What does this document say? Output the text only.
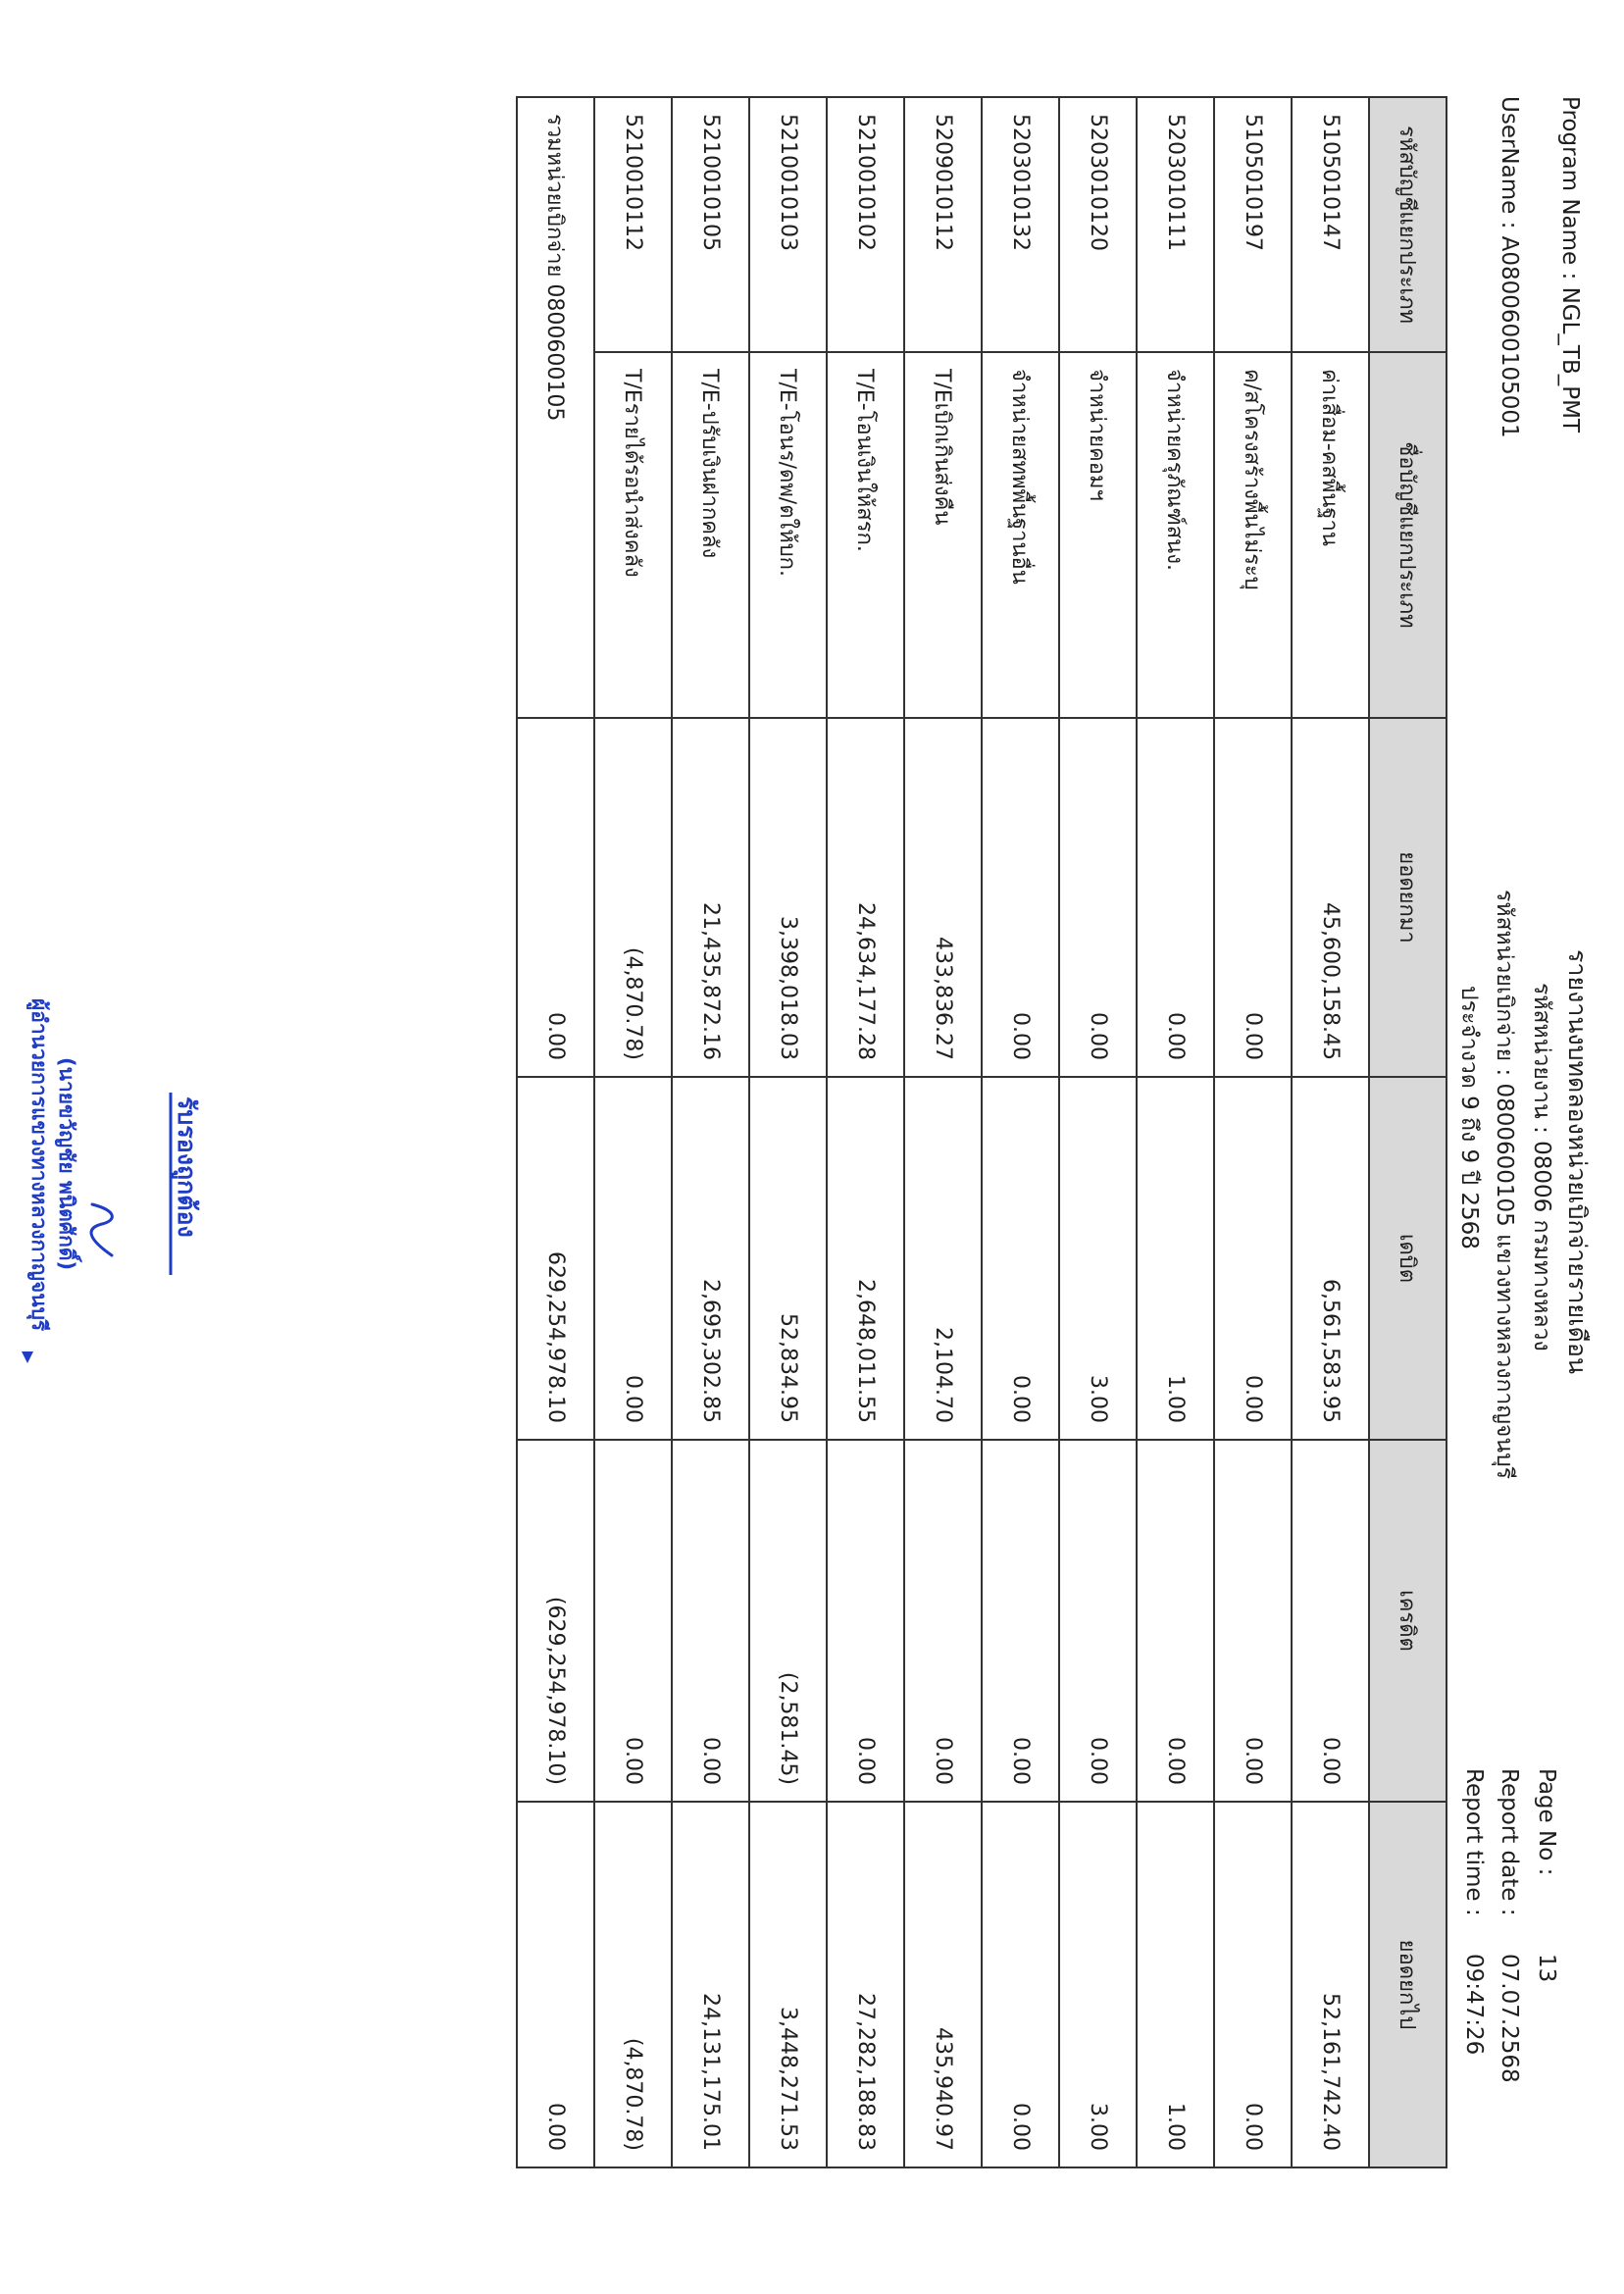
Program Name : NGL_TB_PMT
UserName : A0800600105001
รายงานงบทดลองหน่วยเบิกจ่ายรายเดือน
รหัสหน่วยงาน : 08006 กรมทางหลวง
รหัสหน่วยเบิกจ่าย : 0800600105 แขวงทางหลวงกาญจนบุรี
ประจำงวด 9 ถึง 9 ปี 2568
Page No :
13
Report date :
07.07.2568
Report time :
09:47:26
รหัสบัญชีแยกประเภท	ชื่อบัญชีแยกประเภท	ยอดยกมา	เดบิต	เครดิต	ยอดยกไป
5105010147	ค่าเสื่อม-คสพื้นฐาน	45,600,158.45	6,561,583.95	0.00	52,161,742.40
5105010197	ค/สโครงสร้างพื้นไม่ระบุ	0.00	0.00	0.00	0.00
5203010111	จำหน่ายครุภัณฑ์สนง.	0.00	1.00	0.00	1.00
5203010120	จำหน่ายคอมฯ	0.00	3.00	0.00	3.00
5203010132	จำหน่ายสทพพื้นฐานอื่น	0.00	0.00	0.00	0.00
5209010112	T/Eเบิกเกินส่งคืน	433,836.27	2,104.70	0.00	435,940.97
5210010102	T/E-โอนเงินให้สรก.	24,634,177.28	2,648,011.55	0.00	27,282,188.83
5210010103	T/E-โอนร/ดพ/ตให้บก.	3,398,018.03	52,834.95	(2,581.45)	3,448,271.53
5210010105	T/E-ปรับเงินฝากคลัง	21,435,872.16	2,695,302.85	0.00	24,131,175.01
5210010112	T/Eรายได้รอนำส่งคลัง	(4,870.78)	0.00	0.00	(4,870.78)
รวมหน่วยเบิกจ่าย 0800600105		0.00	629,254,978.10	(629,254,978.10)	0.00
รับรองถูกต้อง
(นายขวัญชัย พนิตศักดิ์)
ผู้อำนวยการแขวงทางหลวงกาญจนบุรี
